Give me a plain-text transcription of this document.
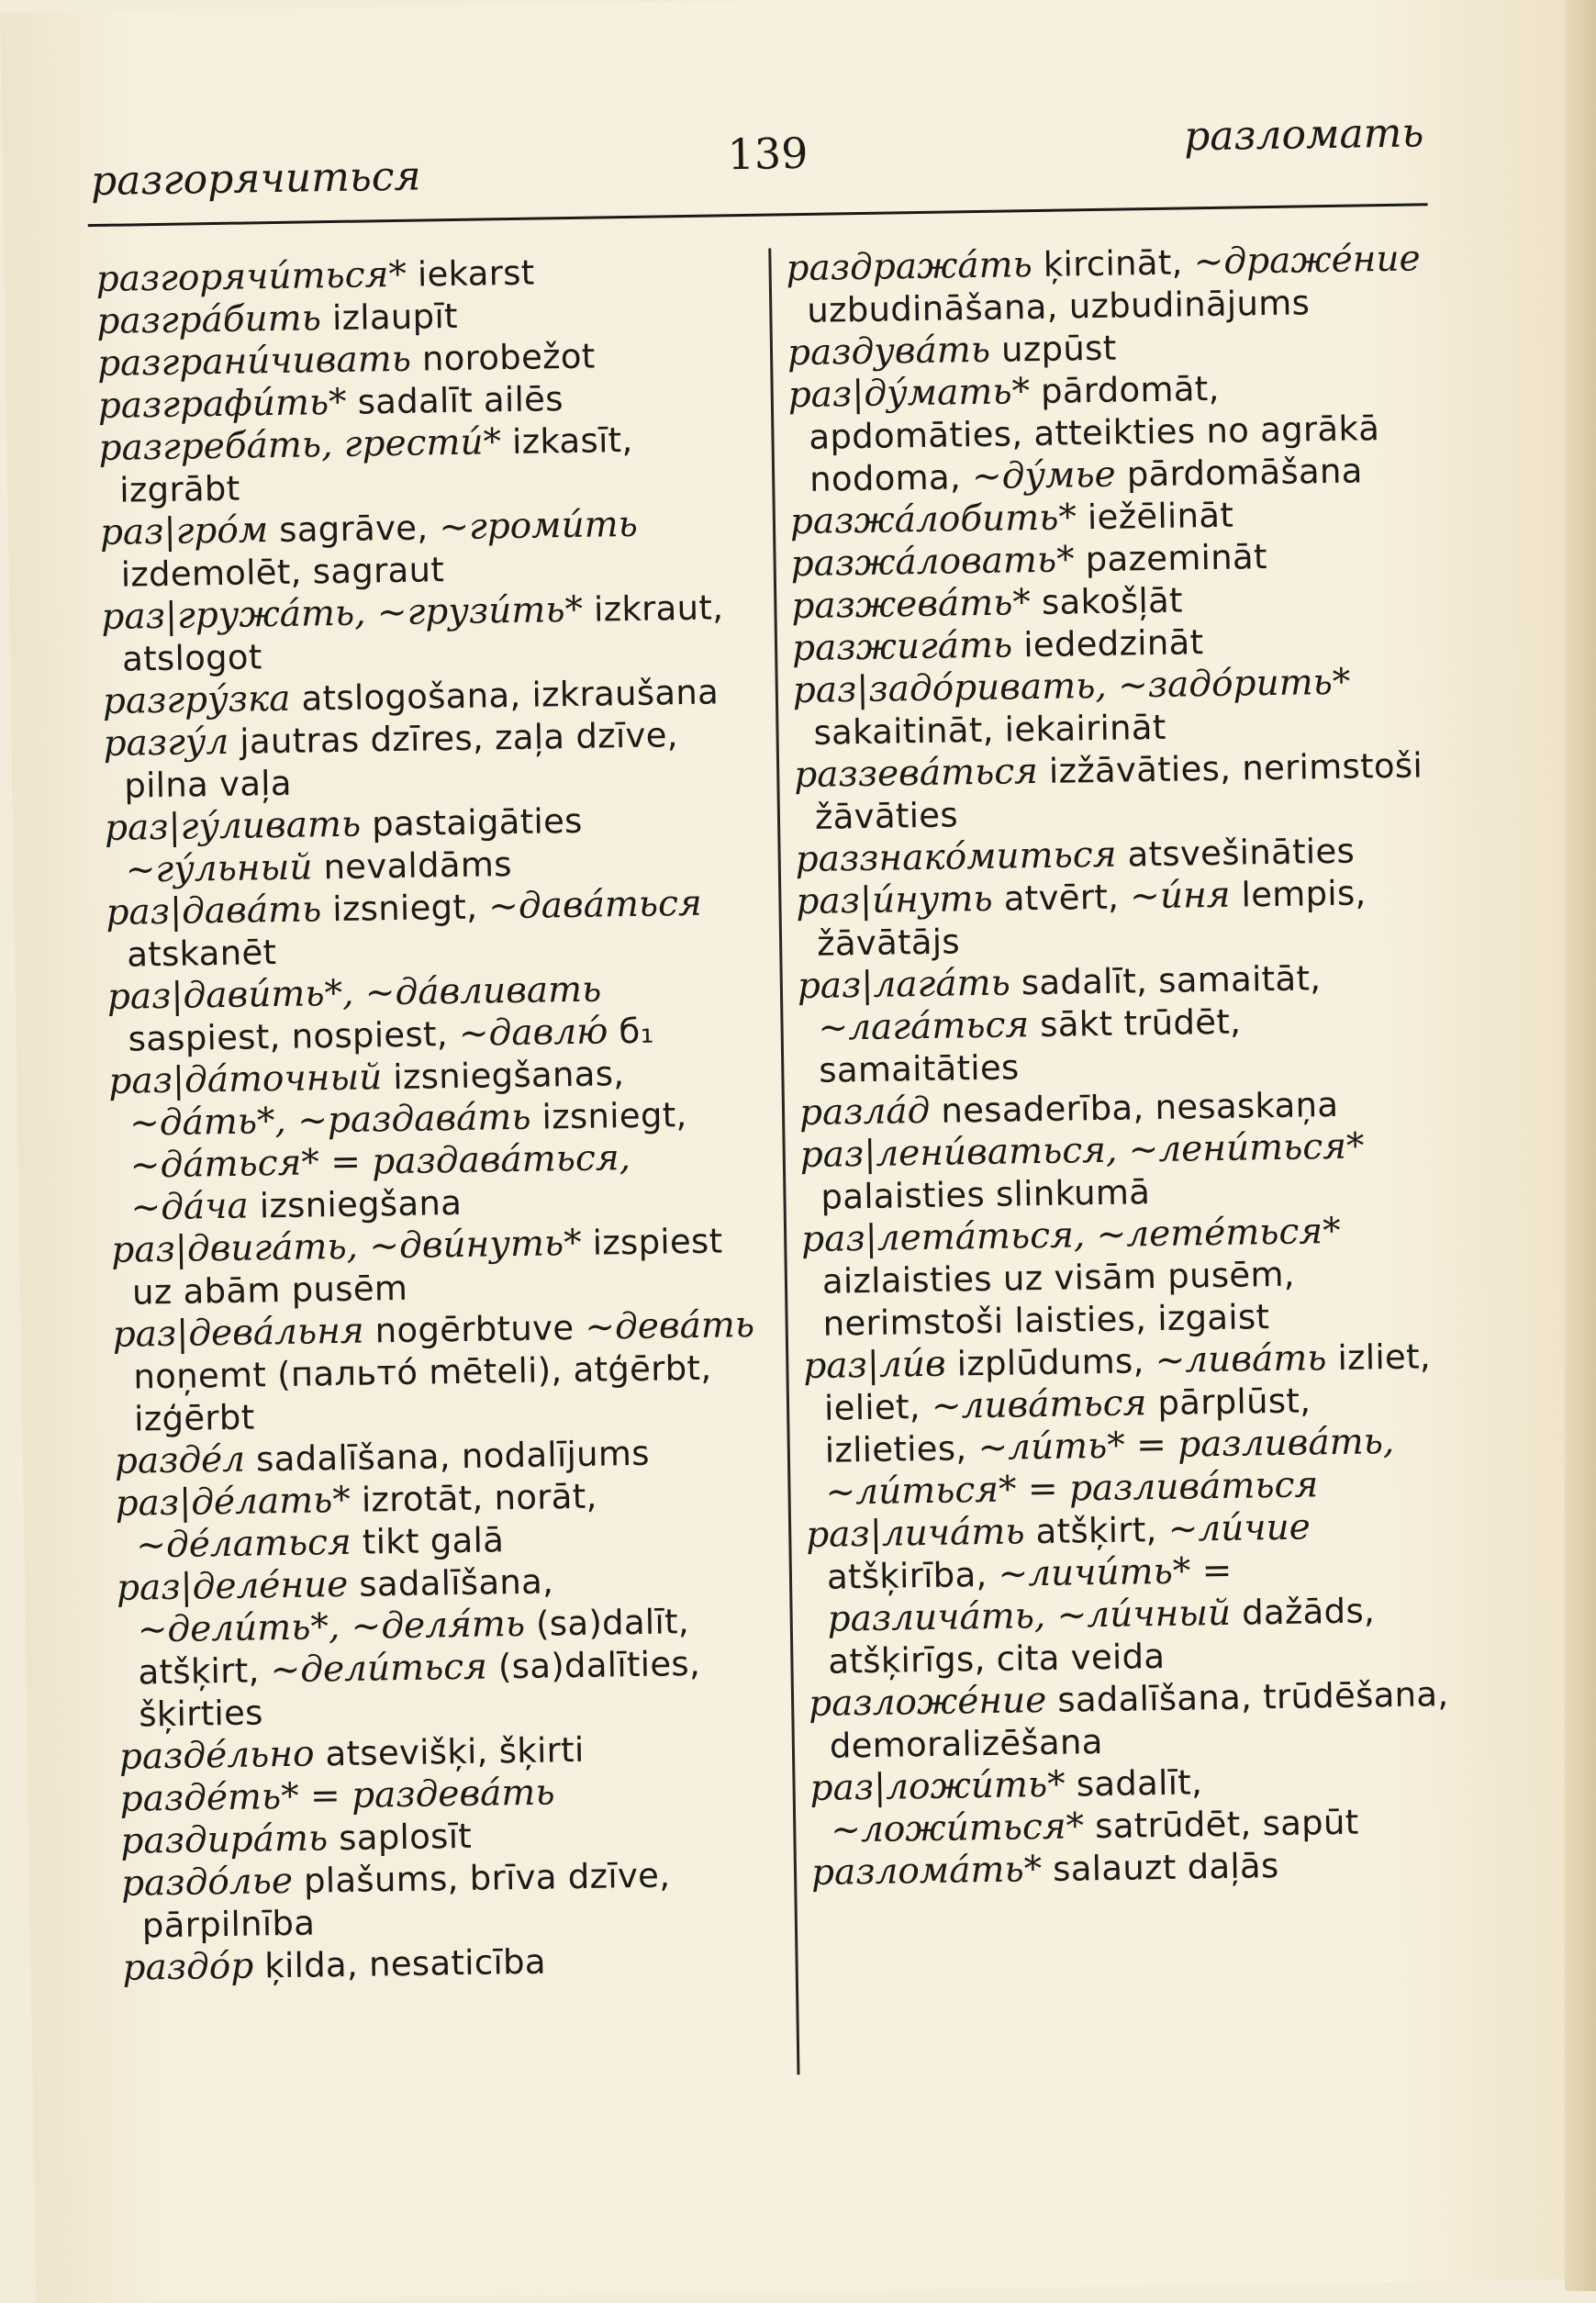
разгорячиться	139	разломать

разгорячи́ться* iekarst

разгра́бить izlaupīt

разграни́чивать norobežot

разграфи́ть* sadalīt ailēs

разгреба́ть, грести́* izkasīt, izgrābt

раз|гро́м sagrāve, ~громи́ть izdemolēt, sagraut

раз|гружа́ть, ~грузи́ть* izkraut, atslogot

разгру́зка atslogošana, izkraušana

разгу́л jautras dzīres, zaļa dzīve, pilna vaļa

раз|гу́ливать pastaigāties ~гу́льный nevaldāms

раз|дава́ть izsniegt, ~дава́ться atskanēt

раз|дави́ть*, ~да́вливать saspiest, nospiest, ~давлю́ б₁

раз|да́точный izsniegšanas, ~да́ть*, ~раздава́ть izsniegt, ~да́ться* = раздава́ться, ~да́ча izsniegšana

раз|двига́ть, ~дви́нуть* izspiest uz abām pusēm

раз|дева́льня nogērbtuve ~дева́ть noņemt (пальто́ mēteli), atģērbt, izģērbt

разде́л sadalīšana, nodalījums

раз|де́лать* izrotāt, norāt, ~де́латься tikt galā

раз|деле́ние sadalīšana, ~дели́ть*, ~деля́ть (sa)dalīt, atšķirt, ~дели́ться (sa)dalīties, šķirties

разде́льно atsevišķi, šķirti

разде́ть* = раздева́ть

раздира́ть saplosīt

раздо́лье plašums, brīva dzīve, pārpilnība

раздо́р ķilda, nesaticība

раздража́ть ķircināt, ~драже́ние uzbudināšana, uzbudinājums

раздува́ть uzpūst

раз|ду́мать* pārdomāt, apdomāties, atteikties no agrākā nodoma, ~ду́мье pārdomāšana

разжа́лобить* iežēlināt

разжа́ловать* pazemināt

разжева́ть* sakošļāt

разжига́ть iededzināt

раз|задо́ривать, ~задо́рить* sakaitināt, iekairināt

раззева́ться izžāvāties, nerimstoši žāvāties

раззнако́миться atsvešināties

раз|и́нуть atvērt, ~и́ня lempis, žāvātājs

раз|лага́ть sadalīt, samaitāt, ~лага́ться sākt trūdēt, samaitāties

разла́д nesaderība, nesaskaņa

раз|лени́ваться, ~лени́ться* palaisties slinkumā

раз|лета́ться, ~лете́ться* aizlaisties uz visām pusēm, nerimstoši laisties, izgaist

раз|ли́в izplūdums, ~лива́ть izliet, ieliet, ~лива́ться pārplūst, izlieties, ~ли́ть* = разлива́ть, ~ли́ться* = разлива́ться

раз|лича́ть atšķirt, ~ли́чие atšķirība, ~личи́ть* = различа́ть, ~ли́чный dažāds, atšķirīgs, cita veida

разложе́ние sadalīšana, trūdēšana, demoralizēšana

раз|ложи́ть* sadalīt, ~ложи́ться* satrūdēt, sapūt

разлома́ть* salauzt daļās
